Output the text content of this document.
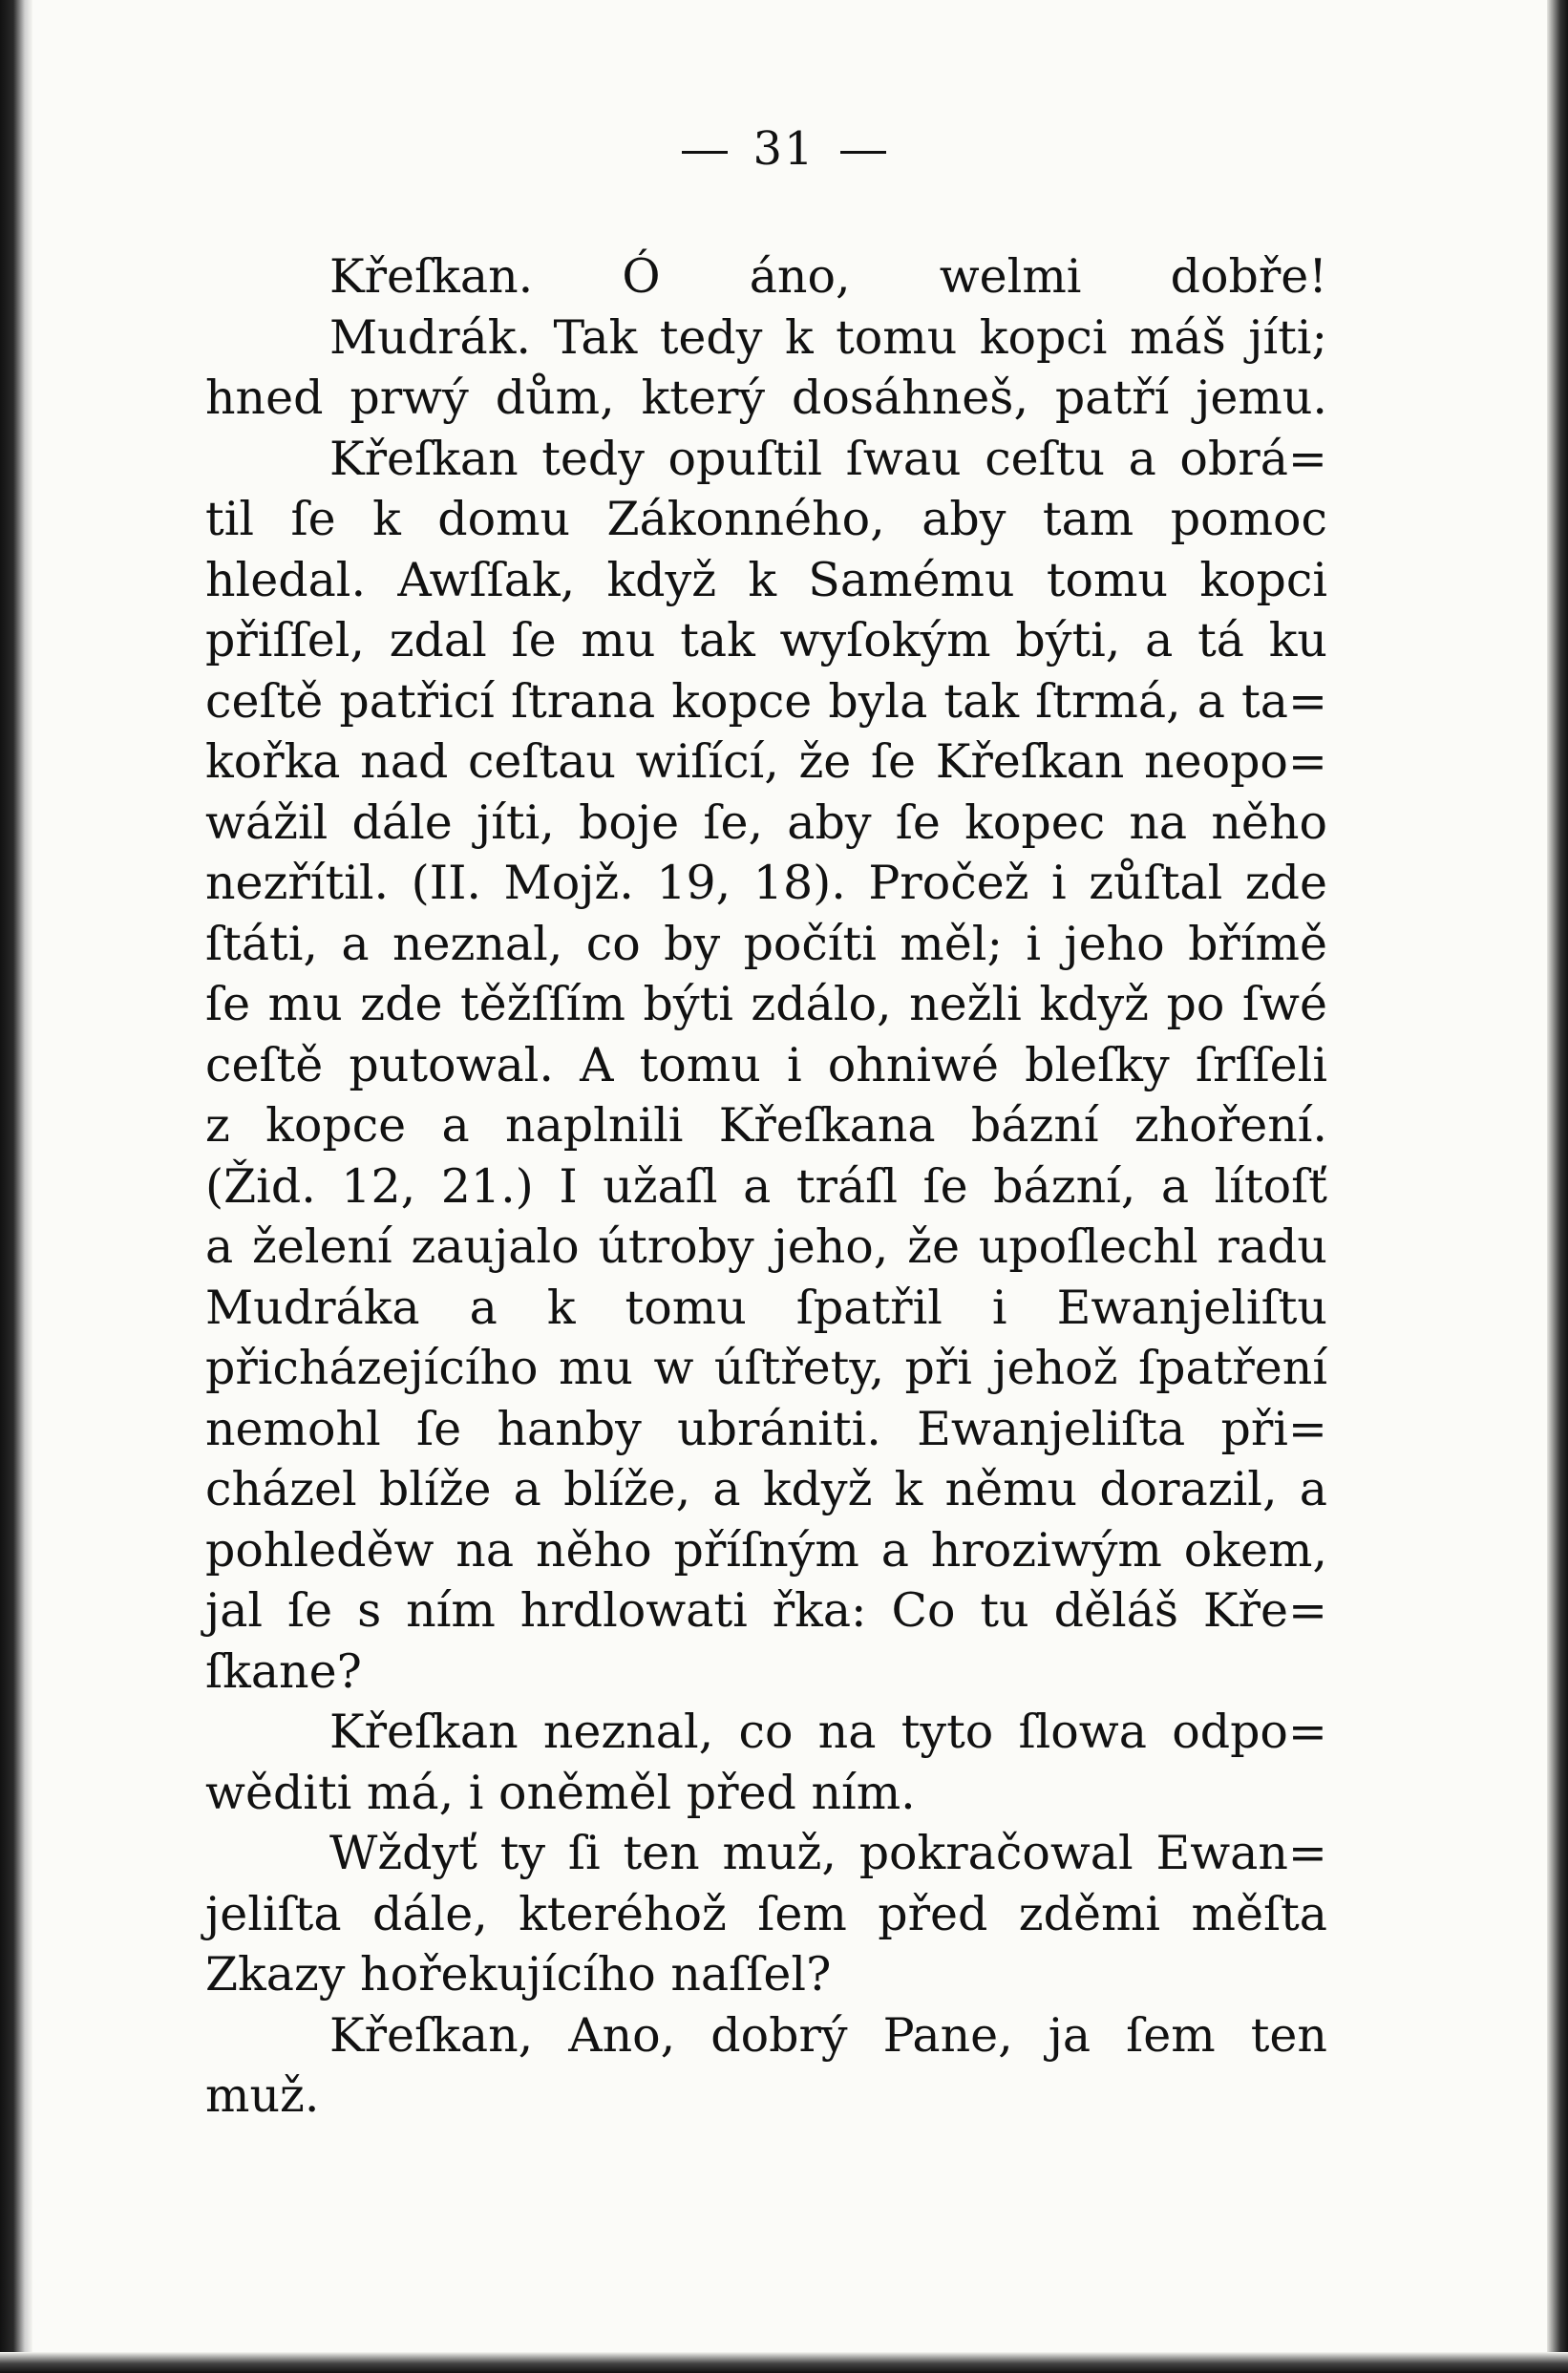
31
Křeſkan. Ó áno, welmi dobře!
Mudrák. Tak tedy k tomu kopci máš jíti;
hned prwý dům, který dosáhneš, patří jemu.
Křeſkan tedy opuſtil ſwau ceſtu a obrá=
til ſe k domu Zákonného, aby tam pomoc
hledal. Awſſak, když k Samému tomu kopci
přiſſel, zdal ſe mu tak wyſokým býti, a tá ku
ceſtě patřicí ſtrana kopce byla tak ſtrmá, a ta=
kořka nad ceſtau wiſící, že ſe Křeſkan neopo=
wážil dále jíti, boje ſe, aby ſe kopec na něho
nezřítil. (II. Mojž. 19, 18). Pročež i zůſtal zde
ſtáti, a neznal, co by počíti měl; i jeho břímě
ſe mu zde těžſſím býti zdálo, nežli když po ſwé
ceſtě putowal. A tomu i ohniwé bleſky ſrſſeli
z kopce a naplnili Křeſkana bázní zhoření.
(Žid. 12, 21.) I užaſl a tráſl ſe bázní, a lítoſť
a želení zaujalo útroby jeho, že upoſlechl radu
Mudráka a k tomu ſpatřil i Ewanjeliſtu
přicházejícího mu w úſtřety, při jehož ſpatření
nemohl ſe hanby ubrániti. Ewanjeliſta při=
cházel blíže a blíže, a když k němu dorazil, a
pohleděw na něho příſným a hroziwým okem,
jal ſe s ním hrdlowati řka: Co tu děláš Kře=
ſkane?
Křeſkan neznal, co na tyto ſlowa odpo=
wěditi má, i oněměl před ním.
Wždyť ty ſi ten muž, pokračowal Ewan=
jeliſta dále, kteréhož ſem před zděmi měſta
Zkazy hořekujícího naſſel?
Křeſkan, Ano, dobrý Pane, ja ſem ten
muž.
